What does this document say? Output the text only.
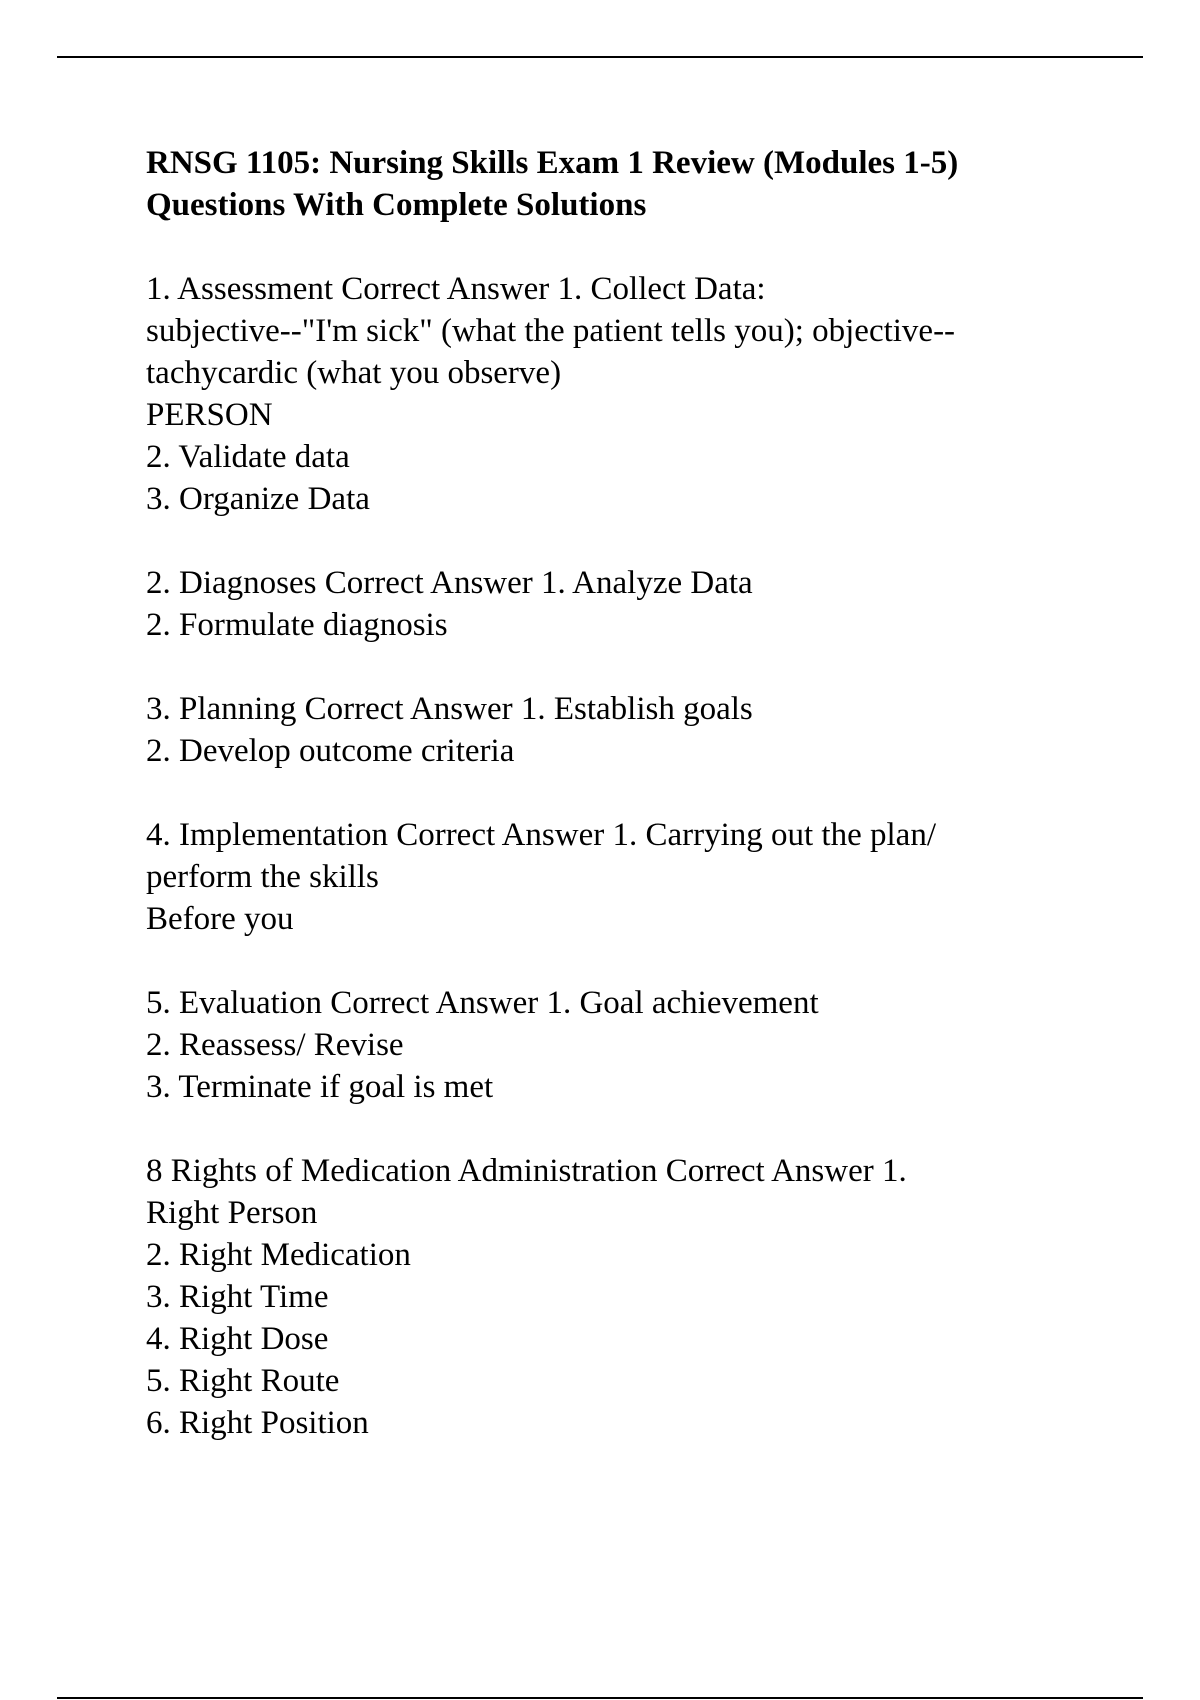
RNSG 1105: Nursing Skills Exam 1 Review (Modules 1-5)
Questions With Complete Solutions
1. Assessment Correct Answer 1. Collect Data:
subjective--"I'm sick" (what the patient tells you); objective--
tachycardic (what you observe)
PERSON
2. Validate data
3. Organize Data
2. Diagnoses Correct Answer 1. Analyze Data
2. Formulate diagnosis
3. Planning Correct Answer 1. Establish goals
2. Develop outcome criteria
4. Implementation Correct Answer 1. Carrying out the plan/
perform the skills
Before you
5. Evaluation Correct Answer 1. Goal achievement
2. Reassess/ Revise
3. Terminate if goal is met
8 Rights of Medication Administration Correct Answer 1.
Right Person
2. Right Medication
3. Right Time
4. Right Dose
5. Right Route
6. Right Position
